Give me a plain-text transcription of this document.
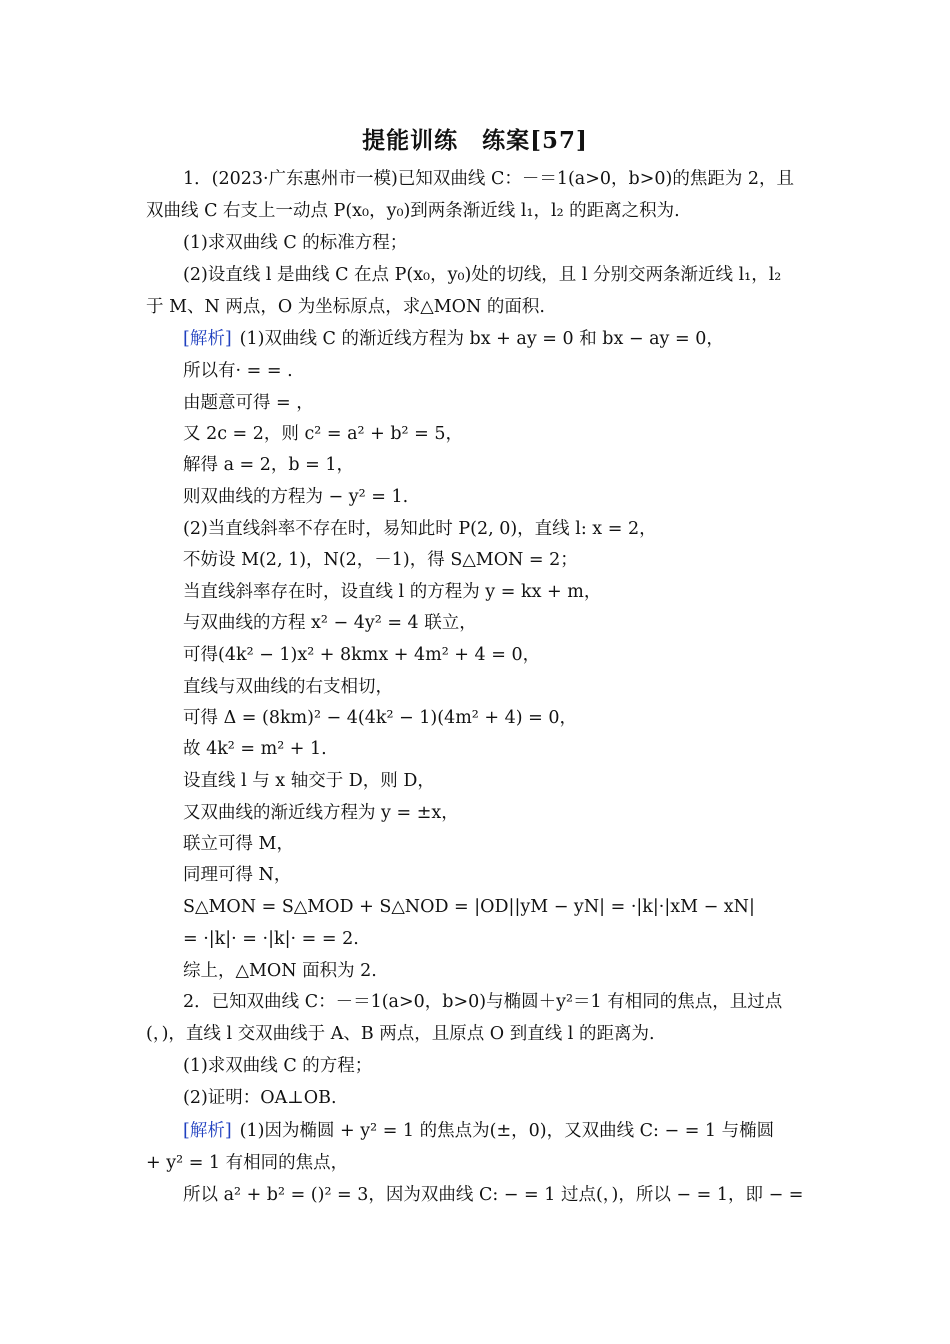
提能训练　练案[57]
1．(2023·广东惠州市一模)已知双曲线 C：－＝1(a>0，b>0)的焦距为 2，且
双曲线 C 右支上一动点 P(x₀，y₀)到两条渐近线 l₁，l₂ 的距离之积为.
(1)求双曲线 C 的标准方程；
(2)设直线 l 是曲线 C 在点 P(x₀，y₀)处的切线，且 l 分别交两条渐近线 l₁，l₂
于 M、N 两点，O 为坐标原点，求△MON 的面积.
[解析] (1)双曲线 C 的渐近线方程为 bx + ay = 0 和 bx − ay = 0，
所以有· = = .
由题意可得 = ，
又 2c = 2，则 c² = a² + b² = 5，
解得 a = 2，b = 1，
则双曲线的方程为 − y² = 1.
(2)当直线斜率不存在时，易知此时 P(2, 0)，直线 l: x = 2，
不妨设 M(2, 1)，N(2，－1)，得 S△MON = 2；
当直线斜率存在时，设直线 l 的方程为 y = kx + m，
与双曲线的方程 x² − 4y² = 4 联立，
可得(4k² − 1)x² + 8kmx + 4m² + 4 = 0，
直线与双曲线的右支相切，
可得 Δ = (8km)² − 4(4k² − 1)(4m² + 4) = 0，
故 4k² = m² + 1.
设直线 l 与 x 轴交于 D，则 D，
又双曲线的渐近线方程为 y = ±x，
联立可得 M，
同理可得 N，
S△MON = S△MOD + S△NOD = |OD||yM − yN| = ·|k|·|xM − xN|
= ·|k|· = ·|k|· = = 2.
综上，△MON 面积为 2.
2．已知双曲线 C：－＝1(a>0，b>0)与椭圆＋y²＝1 有相同的焦点，且过点
(，)，直线 l 交双曲线于 A、B 两点，且原点 O 到直线 l 的距离为.
(1)求双曲线 C 的方程；
(2)证明：OA⊥OB.
[解析] (1)因为椭圆 + y² = 1 的焦点为(±，0)，又双曲线 C: − = 1 与椭圆
+ y² = 1 有相同的焦点，
所以 a² + b² = ()² = 3，因为双曲线 C: − = 1 过点(，)，所以 − = 1，即 − =
